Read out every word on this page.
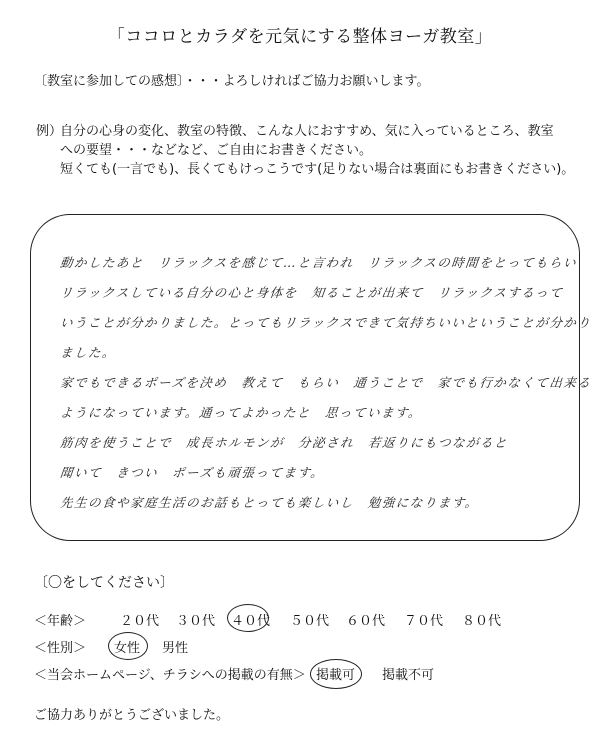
「ココロとカラダを元気にする整体ヨーガ教室」
〔教室に参加しての感想〕・・・よろしければご協力お願いします。
例）
自分の心身の変化、教室の特徴、こんな人におすすめ、気に入っているところ、教室
への要望・・・などなど、ご自由にお書きください。
短くても(一言でも)、長くてもけっこうです(足りない場合は裏面にもお書きください)。
動かしたあと　リラックスを感じて…と言われ　リラックスの時間をとってもらい
リラックスしている自分の心と身体を　知ることが出来て　リラックスするって
いうことが分かりました。とってもリラックスできて気持ちいいということが分かり
ました。
家でもできるポーズを決め　教えて　もらい　通うことで　家でも行かなくて出来る
ようになっています。通ってよかったと　思っています。
筋肉を使うことで　成長ホルモンが　分泌され　若返りにもつながると
聞いて　きつい　ポーズも頑張ってます。
先生の食や家庭生活のお話もとっても楽しいし　勉強になります。
〔〇をしてください〕
＜年齢＞	２０代 ３０代 ４０代 ５０代 ６０代 ７０代 ８０代
＜性別＞ 女性 男性
＜当会ホームページ、チラシへの掲載の有無＞ 掲載可 掲載不可
ご協力ありがとうございました。
